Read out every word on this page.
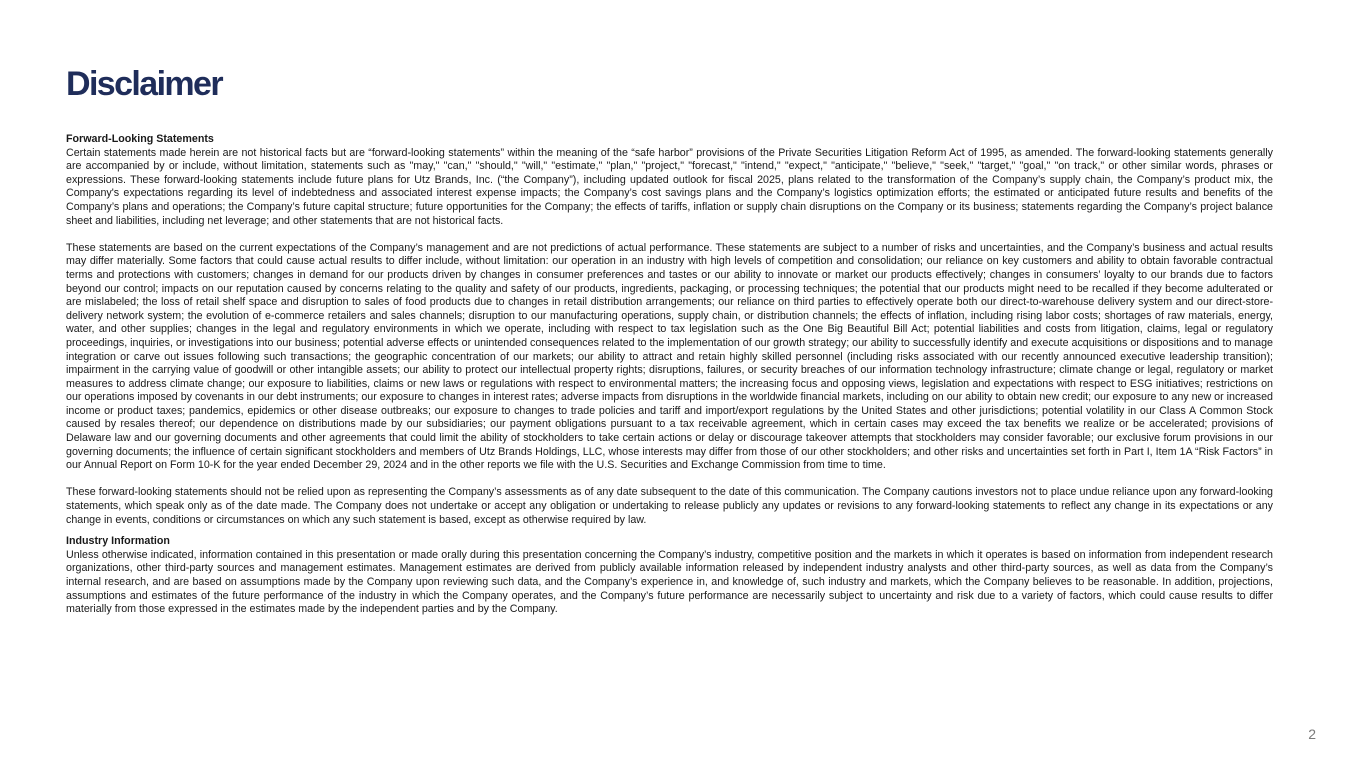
Disclaimer

Forward-Looking Statements

Certain statements made herein are not historical facts but are “forward-looking statements” within the meaning of the “safe harbor” provisions of the Private Securities Litigation Reform Act of 1995, as amended. The forward-looking statements generally are accompanied by or include, without limitation, statements such as "may," "can," "should," "will," "estimate," "plan," "project," "forecast," "intend," "expect," "anticipate," "believe," "seek," "target," "goal," "on track," or other similar words, phrases or expressions. These forward-looking statements include future plans for Utz Brands, Inc. (“the Company”), including updated outlook for fiscal 2025, plans related to the transformation of the Company’s supply chain, the Company’s product mix, the Company's expectations regarding its level of indebtedness and associated interest expense impacts; the Company’s cost savings plans and the Company’s logistics optimization efforts; the estimated or anticipated future results and benefits of the Company’s plans and operations; the Company’s future capital structure; future opportunities for the Company; the effects of tariffs, inflation or supply chain disruptions on the Company or its business; statements regarding the Company’s project balance sheet and liabilities, including net leverage; and other statements that are not historical facts.

These statements are based on the current expectations of the Company’s management and are not predictions of actual performance. These statements are subject to a number of risks and uncertainties, and the Company’s business and actual results may differ materially. Some factors that could cause actual results to differ include, without limitation: our operation in an industry with high levels of competition and consolidation; our reliance on key customers and ability to obtain favorable contractual terms and protections with customers; changes in demand for our products driven by changes in consumer preferences and tastes or our ability to innovate or market our products effectively; changes in consumers’ loyalty to our brands due to factors beyond our control; impacts on our reputation caused by concerns relating to the quality and safety of our products, ingredients, packaging, or processing techniques; the potential that our products might need to be recalled if they become adulterated or are mislabeled; the loss of retail shelf space and disruption to sales of food products due to changes in retail distribution arrangements; our reliance on third parties to effectively operate both our direct-to-warehouse delivery system and our direct-store-delivery network system; the evolution of e-commerce retailers and sales channels; disruption to our manufacturing operations, supply chain, or distribution channels; the effects of inflation, including rising labor costs; shortages of raw materials, energy, water, and other supplies; changes in the legal and regulatory environments in which we operate, including with respect to tax legislation such as the One Big Beautiful Bill Act; potential liabilities and costs from litigation, claims, legal or regulatory proceedings, inquiries, or investigations into our business; potential adverse effects or unintended consequences related to the implementation of our growth strategy; our ability to successfully identify and execute acquisitions or dispositions and to manage integration or carve out issues following such transactions; the geographic concentration of our markets; our ability to attract and retain highly skilled personnel (including risks associated with our recently announced executive leadership transition); impairment in the carrying value of goodwill or other intangible assets; our ability to protect our intellectual property rights; disruptions, failures, or security breaches of our information technology infrastructure; climate change or legal, regulatory or market measures to address climate change; our exposure to liabilities, claims or new laws or regulations with respect to environmental matters; the increasing focus and opposing views, legislation and expectations with respect to ESG initiatives; restrictions on our operations imposed by covenants in our debt instruments; our exposure to changes in interest rates; adverse impacts from disruptions in the worldwide financial markets, including on our ability to obtain new credit; our exposure to any new or increased income or product taxes; pandemics, epidemics or other disease outbreaks; our exposure to changes to trade policies and tariff and import/export regulations by the United States and other jurisdictions; potential volatility in our Class A Common Stock caused by resales thereof; our dependence on distributions made by our subsidiaries; our payment obligations pursuant to a tax receivable agreement, which in certain cases may exceed the tax benefits we realize or be accelerated; provisions of Delaware law and our governing documents and other agreements that could limit the ability of stockholders to take certain actions or delay or discourage takeover attempts that stockholders may consider favorable; our exclusive forum provisions in our governing documents; the influence of certain significant stockholders and members of Utz Brands Holdings, LLC, whose interests may differ from those of our other stockholders; and other risks and uncertainties set forth in Part I, Item 1A “Risk Factors” in our Annual Report on Form 10-K for the year ended December 29, 2024 and in the other reports we file with the U.S. Securities and Exchange Commission from time to time.

These forward-looking statements should not be relied upon as representing the Company’s assessments as of any date subsequent to the date of this communication. The Company cautions investors not to place undue reliance upon any forward-looking statements, which speak only as of the date made. The Company does not undertake or accept any obligation or undertaking to release publicly any updates or revisions to any forward-looking statements to reflect any change in its expectations or any change in events, conditions or circumstances on which any such statement is based, except as otherwise required by law.

Industry Information

Unless otherwise indicated, information contained in this presentation or made orally during this presentation concerning the Company’s industry, competitive position and the markets in which it operates is based on information from independent research organizations, other third-party sources and management estimates. Management estimates are derived from publicly available information released by independent industry analysts and other third-party sources, as well as data from the Company’s internal research, and are based on assumptions made by the Company upon reviewing such data, and the Company’s experience in, and knowledge of, such industry and markets, which the Company believes to be reasonable. In addition, projections, assumptions and estimates of the future performance of the industry in which the Company operates, and the Company’s future performance are necessarily subject to uncertainty and risk due to a variety of factors, which could cause results to differ materially from those expressed in the estimates made by the independent parties and by the Company.

2
